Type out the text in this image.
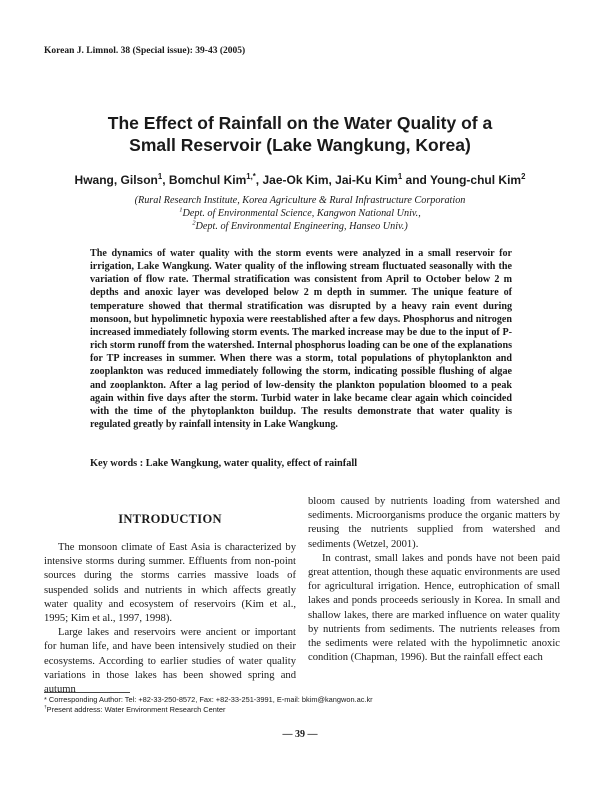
Korean J. Limnol. 38 (Special issue): 39-43 (2005)
The Effect of Rainfall on the Water Quality of a
Small Reservoir (Lake Wangkung, Korea)
Hwang, Gilson$^1$, Bomchul Kim$^{1,*}$, Jae-Ok Kim, Jai-Ku Kim$^1$ and Young-chul Kim$^2$
(Rural Research Institute, Korea Agriculture & Rural Infrastructure Corporation
$^1$Dept. of Environmental Science, Kangwon National Univ.,
$^2$Dept. of Environmental Engineering, Hanseo Univ.)

The dynamics of water quality with the storm events were analyzed in a small reservoir for irrigation, Lake Wangkung. Water quality of the inflowing stream fluctuated seasonally with the variation of flow rate. Thermal stratification was consistent from April to October below 2 m depths and anoxic layer was developed below 2 m depth in summer. The unique feature of temperature showed that thermal stratification was disrupted by a heavy rain event during monsoon, but hypolimnetic hypoxia were reestablished after a few days. Phosphorus and nitrogen increased immediately following storm events. The marked increase may be due to the input of P-rich storm runoff from the watershed. Internal phosphorus loading can be one of the explanations for TP increases in summer. When there was a storm, total populations of phytoplankton and zooplankton was reduced immediately following the storm, indicating possible flushing of algae and zooplankton. After a lag period of low-density the plankton population bloomed to a peak again within five days after the storm. Turbid water in lake became clear again which coincided with the time of the phytoplankton buildup. The results demonstrate that water quality is regulated greatly by rainfall intensity in Lake Wangkung.

Key words : Lake Wangkung, water quality, effect of rainfall
INTRODUCTION

The monsoon climate of East Asia is characterized by intensive storms during summer. Effluents from non-point sources during the storms carries massive loads of suspended solids and nutrients in which affects greatly water quality and ecosystem of reservoirs (Kim et al., 1995; Kim et al., 1997, 1998).

Large lakes and reservoirs were ancient or important for human life, and have been intensively studied on their ecosystems. According to earlier studies of water quality variations in those lakes has been showed spring and autumn

bloom caused by nutrients loading from watershed and sediments. Microorganisms produce the organic matters by reusing the nutrients supplied from watershed and sediments (Wetzel, 2001).

In contrast, small lakes and ponds have not been paid great attention, though these aquatic environments are used for agricultural irrigation. Hence, eutrophication of small lakes and ponds proceeds seriously in Korea. In small and shallow lakes, there are marked influence on water quality by nutrients from sediments. The nutrients releases from the sediments were related with the hypolimnetic anoxic condition (Chapman, 1996). But the rainfall effect each

* Corresponding Author: Tel: +82-33-250-8572, Fax: +82-33-251-3991, E-mail: bkim@kangwon.ac.kr
†Present address: Water Environment Research Center
— 39 —
